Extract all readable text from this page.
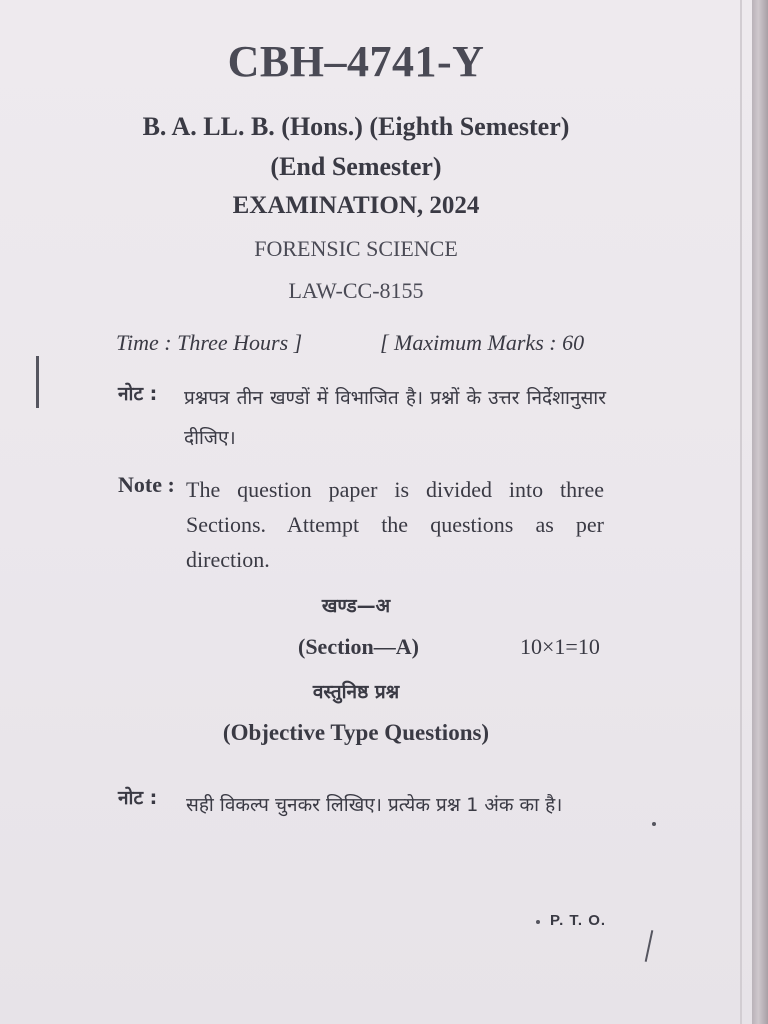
CBH–4741-Y
B. A. LL. B. (Hons.) (Eighth Semester)
(End Semester)
EXAMINATION, 2024
FORENSIC SCIENCE
LAW-CC-8155
Time : Three Hours ]	[ Maximum Marks : 60
नोट : प्रश्नपत्र तीन खण्डों में विभाजित है। प्रश्नों के उत्तर निर्देशानुसार दीजिए।
Note : The question paper is divided into three Sections. Attempt the questions as per direction.
खण्ड—अ
(Section—A)	10×1=10
वस्तुनिष्ठ प्रश्न
(Objective Type Questions)
नोट : सही विकल्प चुनकर लिखिए। प्रत्येक प्रश्न 1 अंक का है।
P. T. O.
